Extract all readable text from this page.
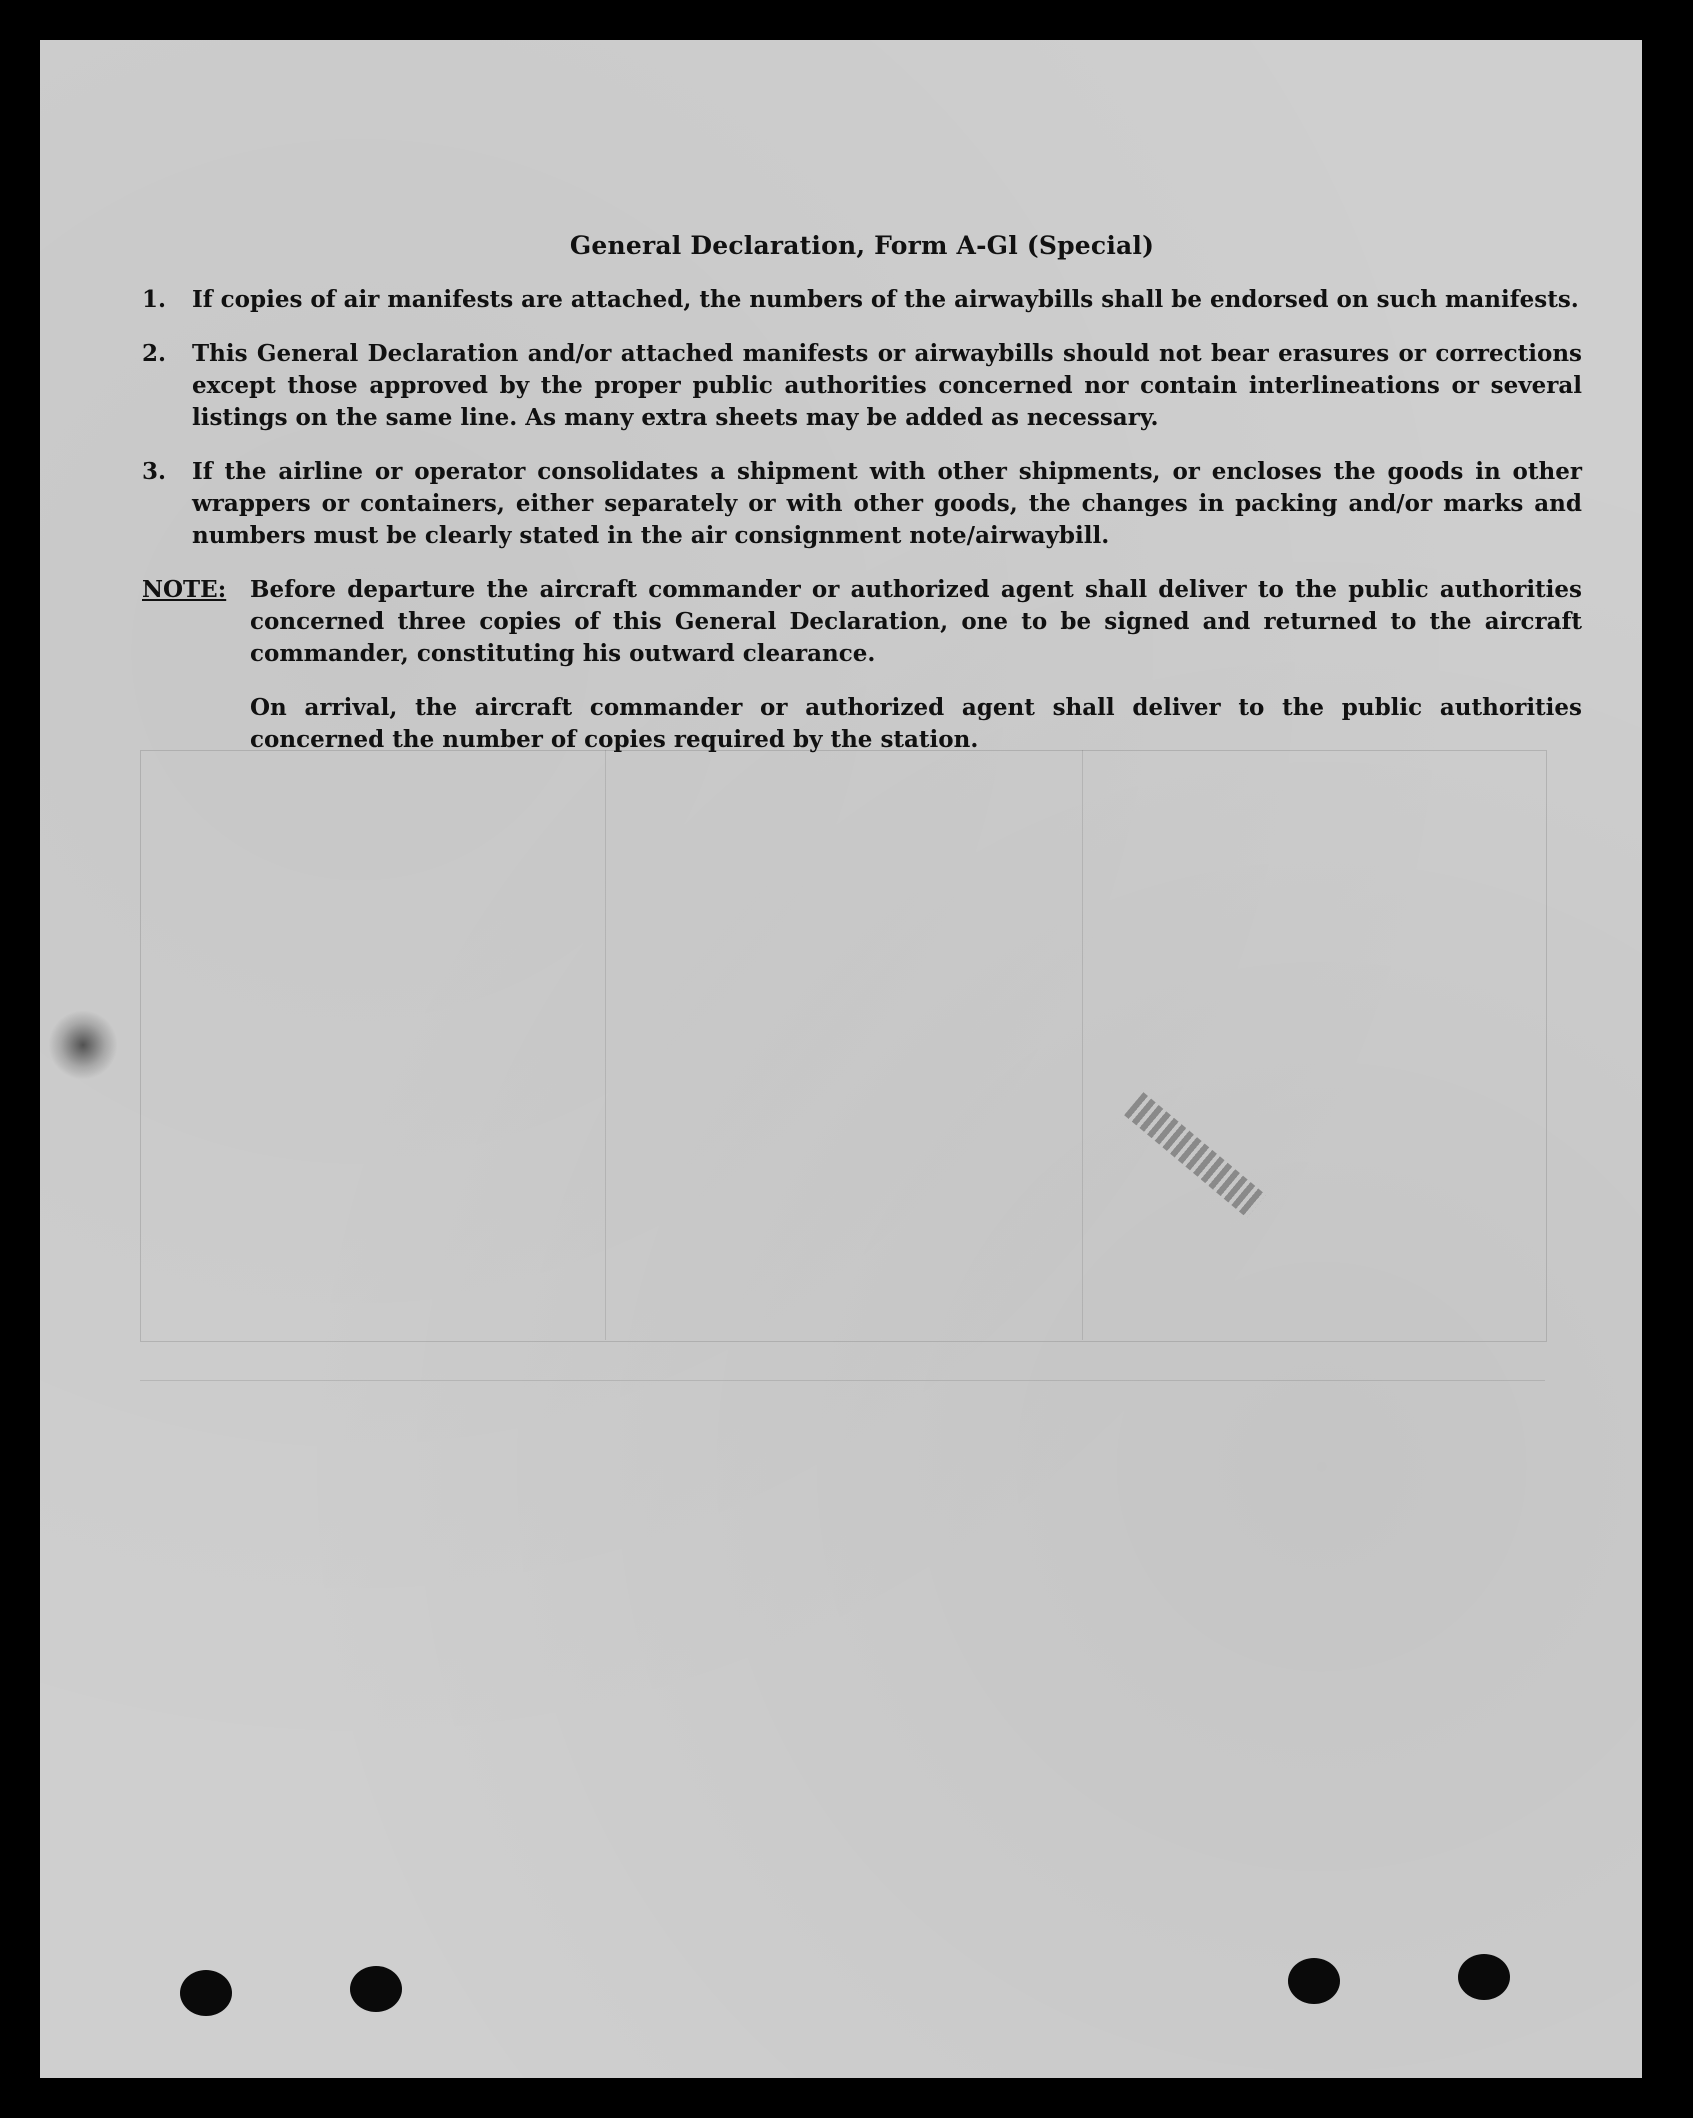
General Declaration, Form A-Gl (Special)
1.	If copies of air manifests are attached, the numbers of the airwaybills shall be endorsed on such manifests.
2.	This General Declaration and/or attached manifests or airwaybills should not bear erasures or corrections except those approved by the proper public authorities concerned nor contain interlineations or several listings on the same line. As many extra sheets may be added as necessary.
3.	If the airline or operator consolidates a shipment with other shipments, or encloses the goods in other wrappers or containers, either separately or with other goods, the changes in packing and/or marks and numbers must be clearly stated in the air consignment note/airwaybill.
NOTE:	Before departure the aircraft commander or authorized agent shall deliver to the public authorities concerned three copies of this General Declaration, one to be signed and returned to the aircraft commander, constituting his outward clearance.

On arrival, the aircraft commander or authorized agent shall deliver to the public authorities concerned the number of copies required by the station.
